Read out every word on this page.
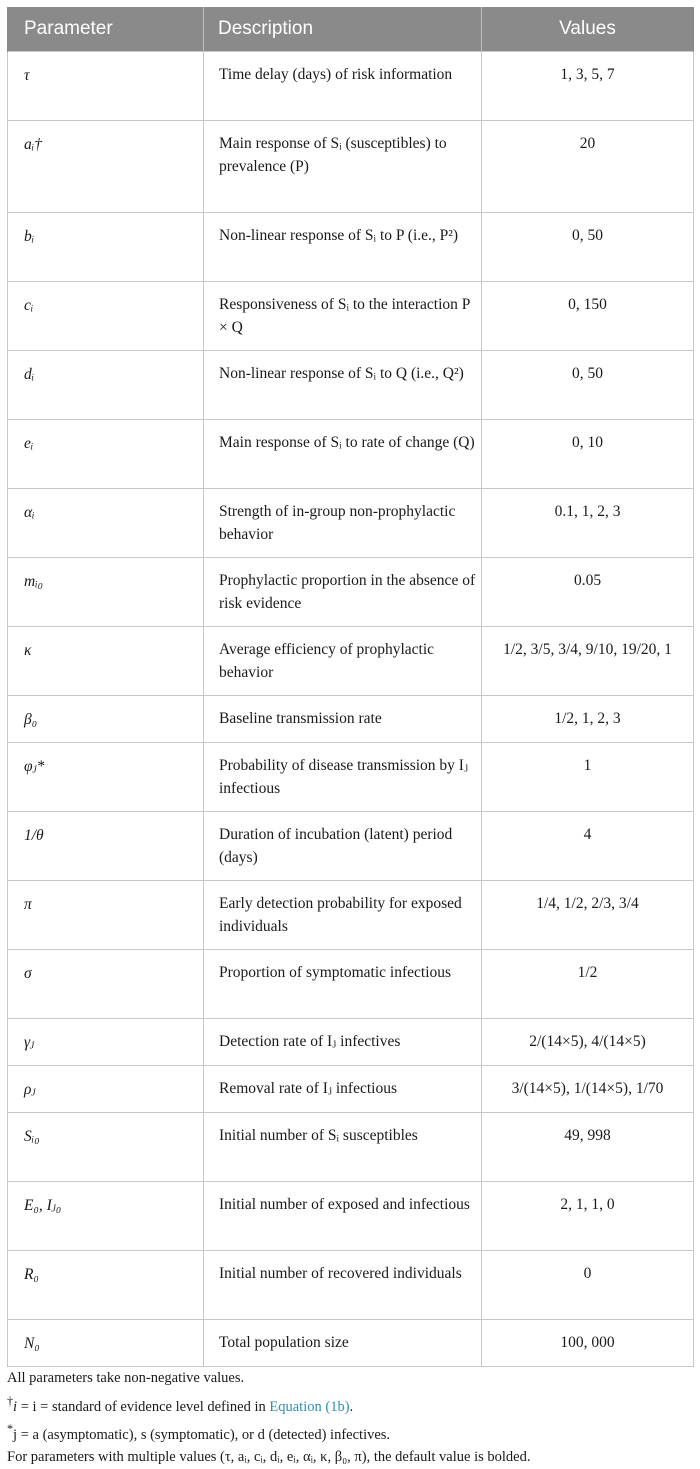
Parameter	Description	Values
τ	Time delay (days) of risk information	1, 3, 5, 7
aᵢ†	Main response of Sᵢ (susceptibles) to prevalence (P)	20
bᵢ	Non-linear response of Sᵢ to P (i.e., P²)	0, 50
cᵢ	Responsiveness of Sᵢ to the interaction P × Q	0, 150
dᵢ	Non-linear response of Sᵢ to Q (i.e., Q²)	0, 50
eᵢ	Main response of Sᵢ to rate of change (Q)	0, 10
αᵢ	Strength of in-group non-prophylactic behavior	0.1, 1, 2, 3
mᵢ₀	Prophylactic proportion in the absence of risk evidence	0.05
κ	Average efficiency of prophylactic behavior	1/2, 3/5, 3/4, 9/10, 19/20, 1
β₀	Baseline transmission rate	1/2, 1, 2, 3
φⱼ*	Probability of disease transmission by Iⱼ infectious	1
1/θ	Duration of incubation (latent) period (days)	4
π	Early detection probability for exposed individuals	1/4, 1/2, 2/3, 3/4
σ	Proportion of symptomatic infectious	1/2
γⱼ	Detection rate of Iⱼ infectives	2/(14×5), 4/(14×5)
ρⱼ	Removal rate of Iⱼ infectious	3/(14×5), 1/(14×5), 1/70
Sᵢ₀	Initial number of Sᵢ susceptibles	49, 998
E₀, Iⱼ₀	Initial number of exposed and infectious	2, 1, 1, 0
R₀	Initial number of recovered individuals	0
N₀	Total population size	100, 000
All parameters take non-negative values.
†i = i = standard of evidence level defined in Equation (1b).
*j = a (asymptomatic), s (symptomatic), or d (detected) infectives.
For parameters with multiple values (τ, aᵢ, cᵢ, dᵢ, eᵢ, αᵢ, κ, β₀, π), the default value is bolded.
